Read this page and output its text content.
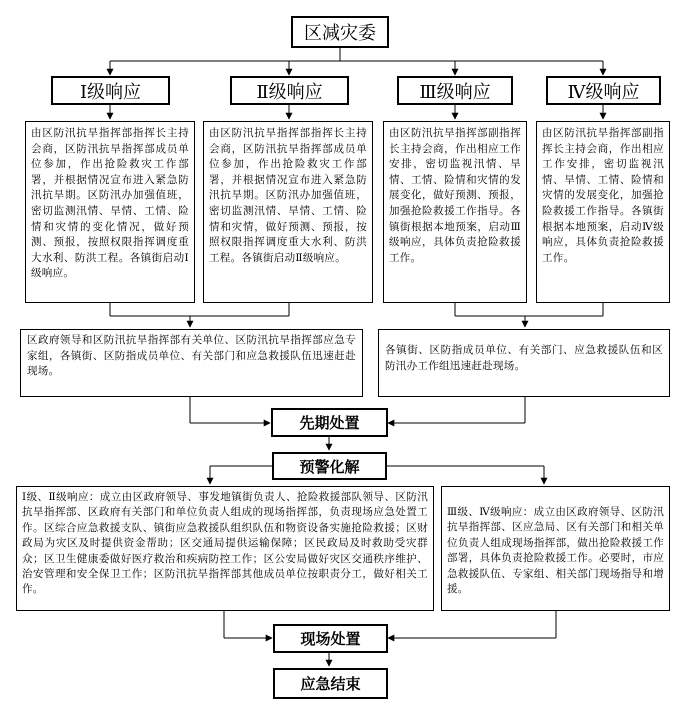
区减灾委
Ⅰ级响应	Ⅱ级响应	Ⅲ级响应	Ⅳ级响应
由区防汛抗旱指挥部指挥长主持会商，区防汛抗旱指挥部成员单位参加，作出抢险救灾工作部署，并根据情况宣布进入紧急防汛抗旱期。区防汛办加强值班，密切监测汛情、旱情、工情、险情和灾情的变化情况，做好预测、预报，按照权限指挥调度重大水利、防洪工程。各镇街启动Ⅰ级响应。
由区防汛抗旱指挥部指挥长主持会商，区防汛抗旱指挥部成员单位参加，作出抢险救灾工作部署，并根据情况宣布进入紧急防汛抗旱期。区防汛办加强值班，密切监测汛情、旱情、工情、险情和灾情，做好预测、预报，按照权限指挥调度重大水利、防洪工程。各镇街启动Ⅱ级响应。
由区防汛抗旱指挥部副指挥长主持会商，作出相应工作安排，密切监视汛情、旱情、工情、险情和灾情的发展变化，做好预测、预报，加强抢险救援工作指导。各镇街根据本地预案，启动Ⅲ级响应，具体负责抢险救援工作。
由区防汛抗旱指挥部副指挥长主持会商，作出相应工作安排，密切监视汛情、旱情、工情、险情和灾情的发展变化，加强抢险救援工作指导。各镇街根据本地预案，启动Ⅳ级响应，具体负责抢险救援工作。
区政府领导和区防汛抗旱指挥部有关单位、区防汛抗旱指挥部应急专家组，各镇街、区防指成员单位、有关部门和应急救援队伍迅速赶赴现场。
各镇街、区防指成员单位、有关部门、应急救援队伍和区防汛办工作组迅速赶赴现场。
先期处置
预警化解
Ⅰ级、Ⅱ级响应：成立由区政府领导、事发地镇街负责人、抢险救援部队领导、区防汛抗旱指挥部、区政府有关部门和单位负责人组成的现场指挥部，负责现场应急处置工作。区综合应急救援支队、镇街应急救援队组织队伍和物资设备实施抢险救援；区财政局为灾区及时提供资金帮助；区交通局提供运输保障；区民政局及时救助受灾群众；区卫生健康委做好医疗救治和疾病防控工作；区公安局做好灾区交通秩序维护、治安管理和安全保卫工作；区防汛抗旱指挥部其他成员单位按职责分工，做好相关工作。
Ⅲ级、Ⅳ级响应：成立由区政府领导、区防汛抗旱指挥部、区应急局、区有关部门和相关单位负责人组成现场指挥部，做出抢险救援工作部署，具体负责抢险救援工作。必要时，市应急救援队伍、专家组、相关部门现场指导和增援。
现场处置
应急结束
